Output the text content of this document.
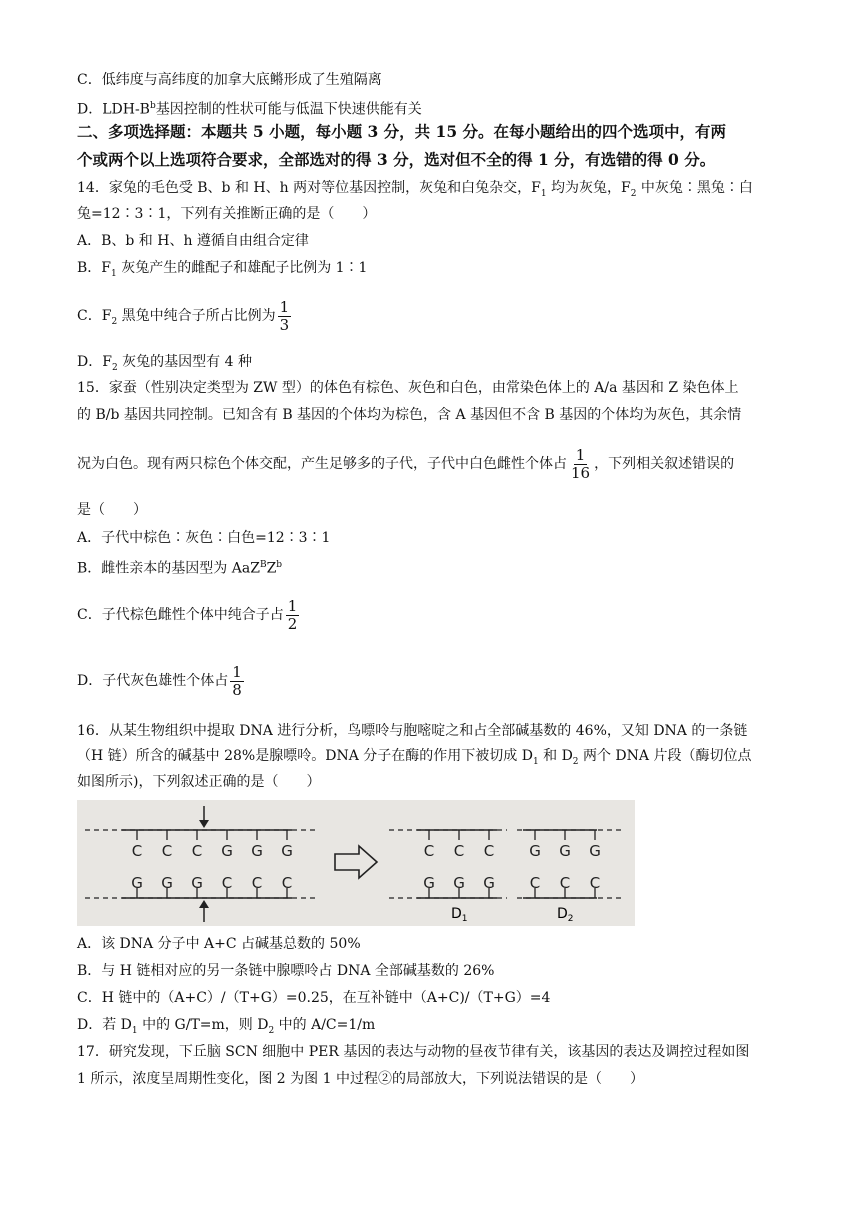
C．低纬度与高纬度的加拿大底鳉形成了生殖隔离
D．LDH-$B^b$基因控制的性状可能与低温下快速供能有关
二、多项选择题：本题共 5 小题，每小题 3 分，共 15 分。在每小题给出的四个选项中，有两
个或两个以上选项符合要求，全部选对的得 3 分，选对但不全的得 1 分，有选错的得 0 分。
14．家兔的毛色受 B、b 和 H、h 两对等位基因控制，灰兔和白兔杂交，$F_1$ 均为灰兔，$F_2$ 中灰兔∶黑兔∶白
兔=12∶3∶1，下列有关推断正确的是（　　）
A．B、b 和 H、h 遵循自由组合定律
B．$F_1$ 灰兔产生的雌配子和雄配子比例为 1∶1
C．$F_2$ 黑兔中纯合子所占比例为 $\frac{1}{3}$
D．$F_2$ 灰兔的基因型有 4 种
15．家蚕（性别决定类型为 ZW 型）的体色有棕色、灰色和白色，由常染色体上的 A/a 基因和 Z 染色体上
的 B/b 基因共同控制。已知含有 B 基因的个体均为棕色，含 A 基因但不含 B 基因的个体均为灰色，其余情
况为白色。现有两只棕色个体交配，产生足够多的子代，子代中白色雌性个体占 $\frac{1}{16}$ ，下列相关叙述错误的
是（　　）
A．子代中棕色∶灰色∶白色=12∶3∶1
B．雌性亲本的基因型为 $AaZ^BZ^b$
C．子代棕色雌性个体中纯合子占 $\frac{1}{2}$
D．子代灰色雄性个体占 $\frac{1}{8}$
16．从某生物组织中提取 DNA 进行分析，鸟嘌呤与胞嘧啶之和占全部碱基数的 46%，又知 DNA 的一条链
（H 链）所含的碱基中 28%是腺嘌呤。DNA 分子在酶的作用下被切成 $D_1$ 和 $D_2$ 两个 DNA 片段（酶切位点
如图所示)，下列叙述正确的是（　　）
C C C G G G
G G G C C C
C C C
G G G
$D_1$
G G G
C C C
$D_2$
A．该 DNA 分子中 A+C 占碱基总数的 50%
B．与 H 链相对应的另一条链中腺嘌呤占 DNA 全部碱基数的 26%
C．H 链中的（A+C）/（T+G）=0.25，在互补链中（A+C)/（T+G）=4
D．若 $D_1$ 中的 G/T=m，则 $D_2$ 中的 A/C=1/m
17．研究发现，下丘脑 SCN 细胞中 PER 基因的表达与动物的昼夜节律有关，该基因的表达及调控过程如图
1 所示，浓度呈周期性变化，图 2 为图 1 中过程②的局部放大，下列说法错误的是（　　）
